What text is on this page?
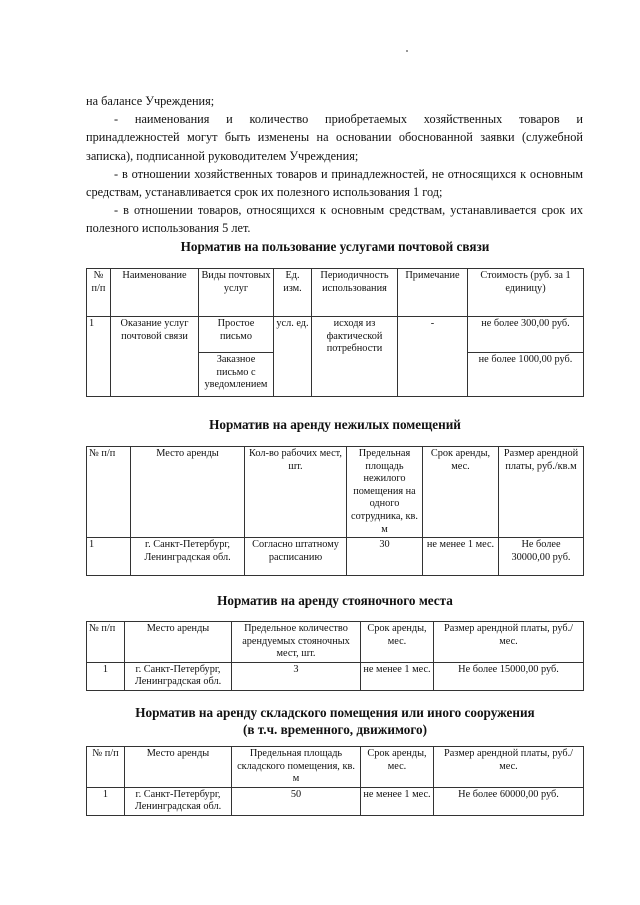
на балансе Учреждения;

- наименования и количество приобретаемых хозяйственных товаров и принадлежностей могут быть изменены на основании обоснованной заявки (служебной записка), подписанной руководителем Учреждения;

- в отношении хозяйственных товаров и принадлежностей, не относящихся к основным средствам, устанавливается срок их полезного использования 1 год;

- в отношении товаров, относящихся к основным средствам, устанавливается срок их полезного использования 5 лет.

Норматив на пользование услугами почтовой связи
№ п/п	Наименование	Виды почтовых услуг	Ед. изм.	Периодичность использования	Примечание	Стоимость (руб. за 1 единицу)
1	Оказание услуг почтовой связи	Простое письмо	усл. ед.	исходя из фактической потребности	-	не более 300,00 руб.
		Заказное письмо с уведомлением				не более 1000,00 руб.
Норматив на аренду нежилых помещений
№ п/п	Место аренды	Кол-во рабочих мест, шт.	Предельная площадь нежилого помещения на одного сотрудника, кв. м	Срок аренды, мес.	Размер арендной платы, руб./кв.м
1	г. Санкт-Петербург, Ленинградская обл.	Согласно штатному расписанию	30	не менее 1 мес.	Не более 30000,00 руб.
Норматив на аренду стояночного места
№ п/п	Место аренды	Предельное количество арендуемых стояночных мест, шт.	Срок аренды, мес.	Размер арендной платы, руб./мес.
1	г. Санкт-Петербург, Ленинградская обл.	3	не менее 1 мес.	Не более 15000,00 руб.
Норматив на аренду складского помещения или иного сооружения
(в т.ч. временного, движимого)
№ п/п	Место аренды	Предельная площадь складского помещения, кв. м	Срок аренды, мес.	Размер арендной платы, руб./мес.
1	г. Санкт-Петербург, Ленинградская обл.	50	не менее 1 мес.	Не более 60000,00 руб.
